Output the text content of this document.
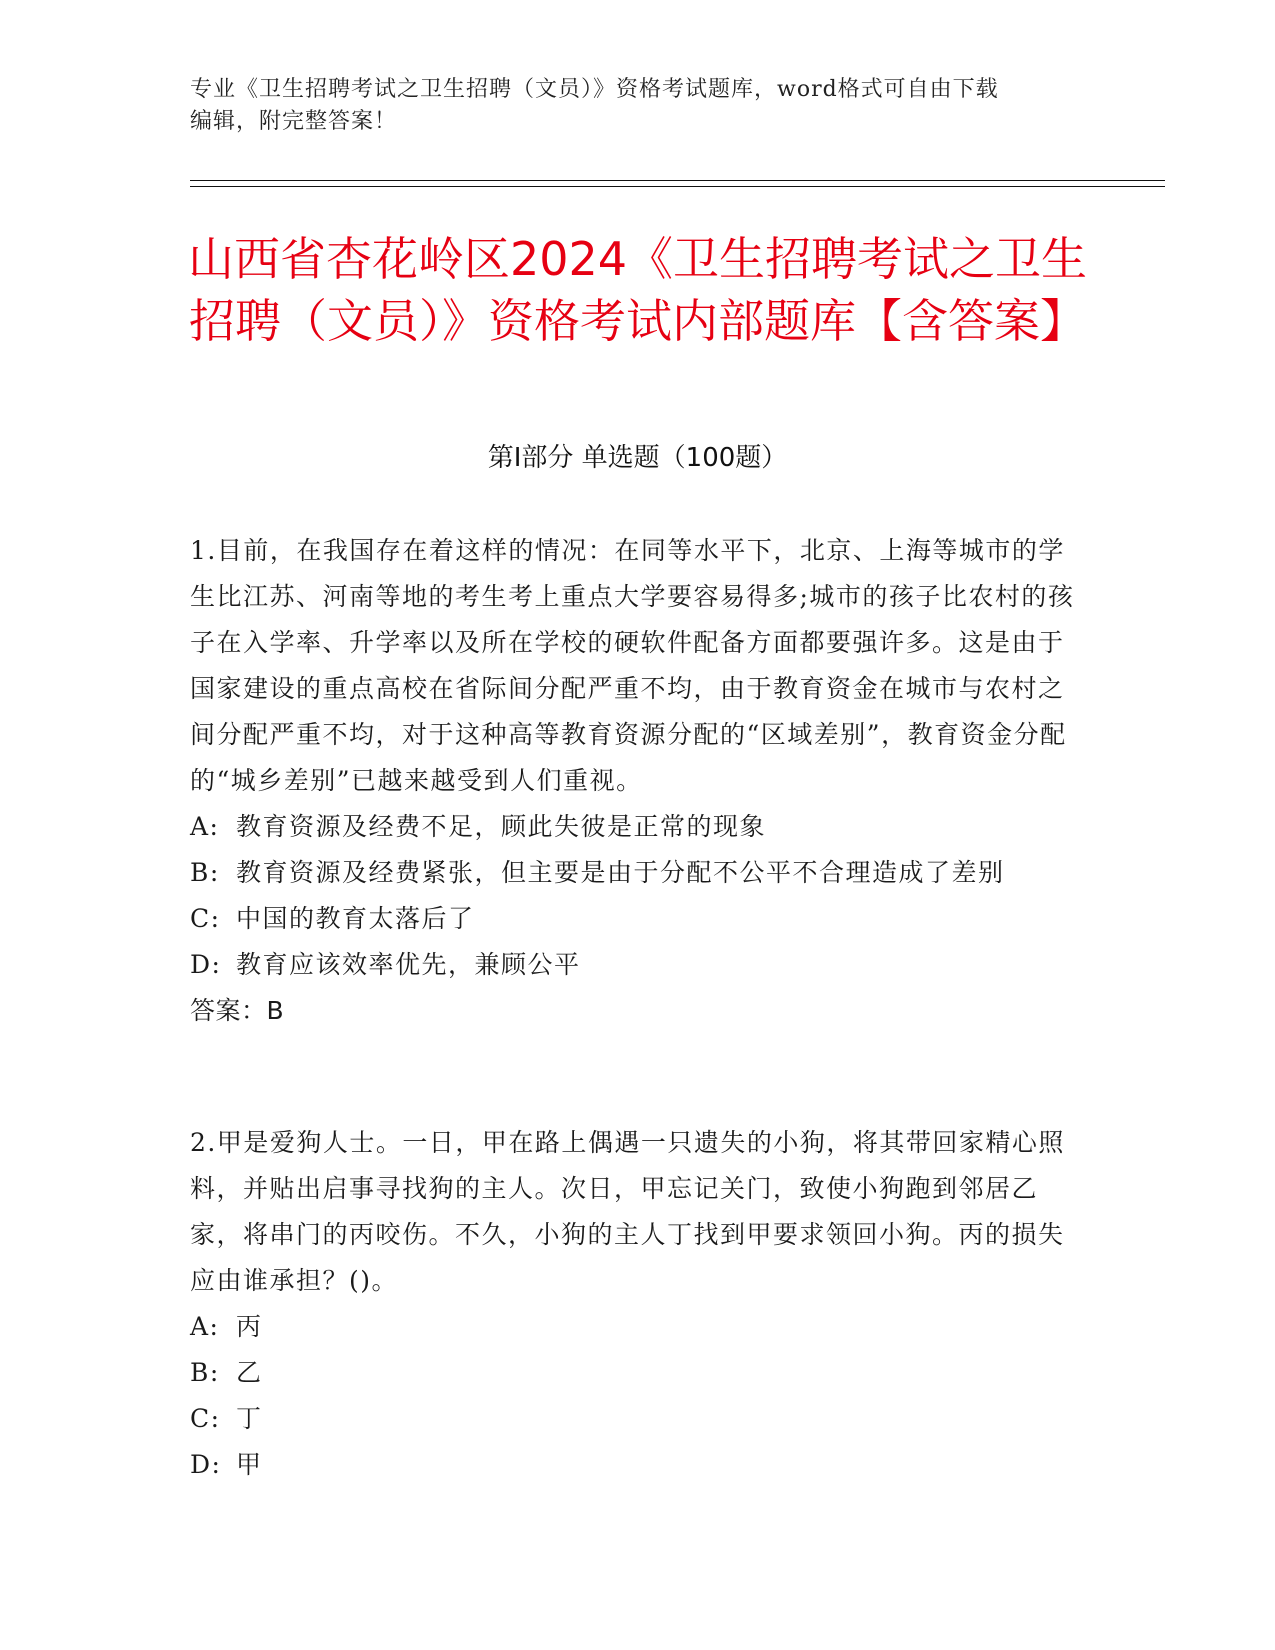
专业《卫生招聘考试之卫生招聘（文员）》资格考试题库，word格式可自由下载
编辑，附完整答案！
山西省杏花岭区2024《卫生招聘考试之卫生招聘（文员）》资格考试内部题库【含答案】
第Ⅰ部分 单选题（100题）

1.目前，在我国存在着这样的情况：在同等水平下，北京、上海等城市的学生比江苏、河南等地的考生考上重点大学要容易得多;城市的孩子比农村的孩子在入学率、升学率以及所在学校的硬软件配备方面都要强许多。这是由于国家建设的重点高校在省际间分配严重不均，由于教育资金在城市与农村之间分配严重不均，对于这种高等教育资源分配的“区域差别”，教育资金分配的“城乡差别”已越来越受到人们重视。

A: 教育资源及经费不足，顾此失彼是正常的现象

B: 教育资源及经费紧张，但主要是由于分配不公平不合理造成了差别

C: 中国的教育太落后了

D: 教育应该效率优先，兼顾公平

答案：B

2.甲是爱狗人士。一日，甲在路上偶遇一只遗失的小狗，将其带回家精心照料，并贴出启事寻找狗的主人。次日，甲忘记关门，致使小狗跑到邻居乙家，将串门的丙咬伤。不久，小狗的主人丁找到甲要求领回小狗。丙的损失应由谁承担？()。

A: 丙

B: 乙

C: 丁

D: 甲
